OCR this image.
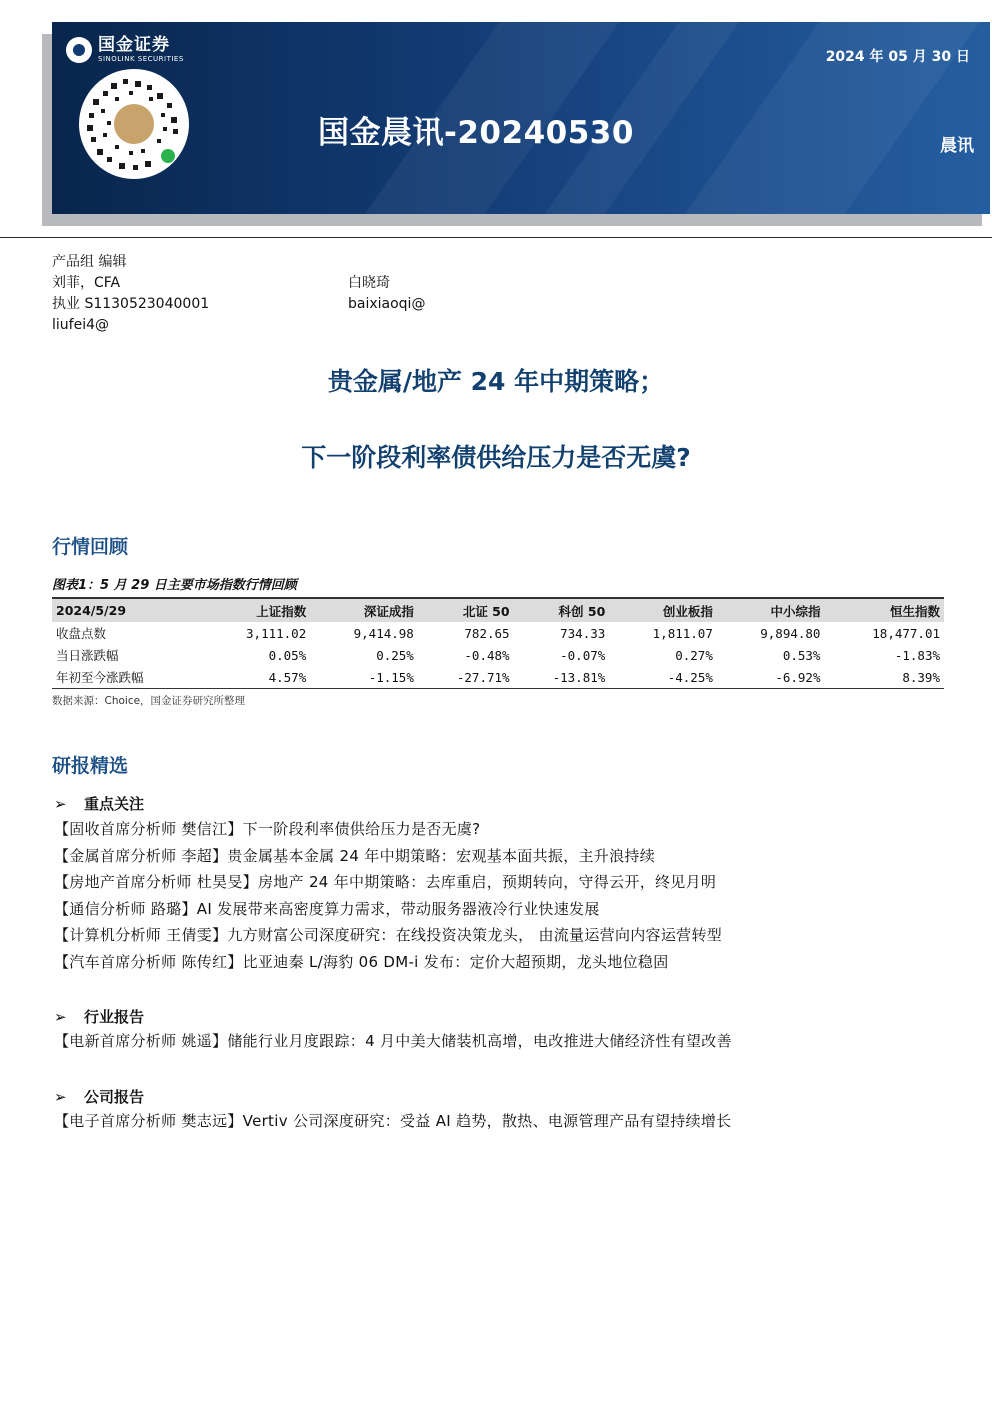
国金证券
SINOLINK SECURITIES	2024 年 05 月 30 日
国金晨讯-20240530	晨讯
产品组 编辑
刘菲，CFA
执业 S1130523040001
liufei4@
白晓琦
baixiaoqi@
贵金属/地产 24 年中期策略；
下一阶段利率债供给压力是否无虞?
行情回顾
图表1：5 月 29 日主要市场指数行情回顾
2024/5/29	上证指数	深证成指	北证 50	科创 50	创业板指	中小综指	恒生指数
收盘点数	3,111.02	9,414.98	782.65	734.33	1,811.07	9,894.80	18,477.01
当日涨跌幅	0.05%	0.25%	-0.48%	-0.07%	0.27%	0.53%	-1.83%
年初至今涨跌幅	4.57%	-1.15%	-27.71%	-13.81%	-4.25%	-6.92%	8.39%
数据来源：Choice，国金证券研究所整理
研报精选
➢ 重点关注
【固收首席分析师 樊信江】下一阶段利率债供给压力是否无虞?
【金属首席分析师 李超】贵金属基本金属 24 年中期策略：宏观基本面共振，主升浪持续
【房地产首席分析师 杜昊旻】房地产 24 年中期策略：去库重启，预期转向，守得云开，终见月明
【通信分析师 路璐】AI 发展带来高密度算力需求，带动服务器液冷行业快速发展
【计算机分析师 王倩雯】九方财富公司深度研究：在线投资决策龙头， 由流量运营向内容运营转型
【汽车首席分析师 陈传红】比亚迪秦 L/海豹 06 DM-i 发布：定价大超预期，龙头地位稳固
➢ 行业报告
【电新首席分析师 姚遥】储能行业月度跟踪：4 月中美大储装机高增，电改推进大储经济性有望改善
➢ 公司报告
【电子首席分析师 樊志远】Vertiv 公司深度研究：受益 AI 趋势，散热、电源管理产品有望持续增长
